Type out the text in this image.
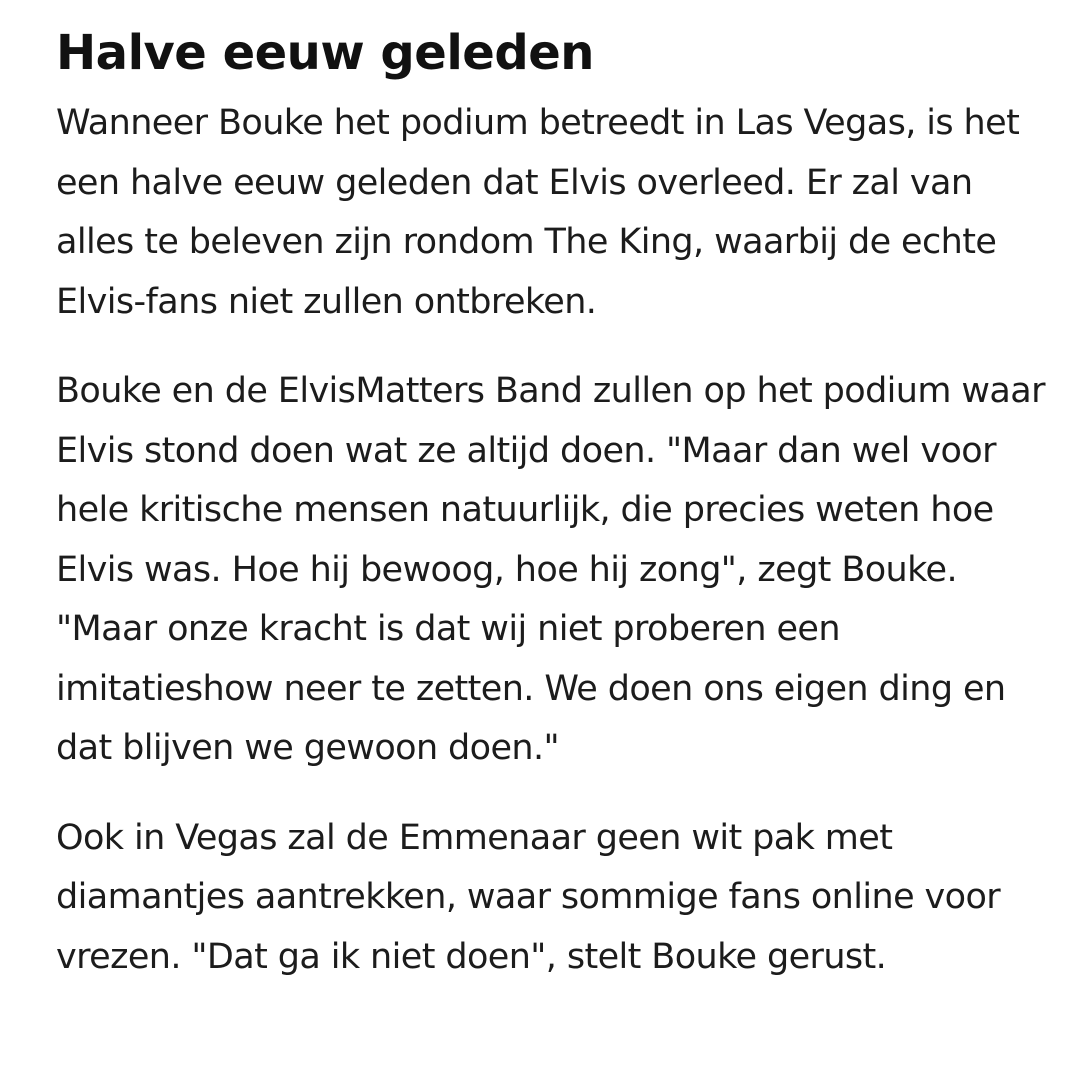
Halve eeuw geleden

Wanneer Bouke het podium betreedt in Las Vegas, is het een halve eeuw geleden dat Elvis overleed. Er zal van alles te beleven zijn rondom The King, waarbij de echte Elvis-fans niet zullen ontbreken.

Bouke en de ElvisMatters Band zullen op het podium waar Elvis stond doen wat ze altijd doen. "Maar dan wel voor hele kritische mensen natuurlijk, die precies weten hoe Elvis was. Hoe hij bewoog, hoe hij zong", zegt Bouke. "Maar onze kracht is dat wij niet proberen een imitatieshow neer te zetten. We doen ons eigen ding en dat blijven we gewoon doen."

Ook in Vegas zal de Emmenaar geen wit pak met diamantjes aantrekken, waar sommige fans online voor vrezen. "Dat ga ik niet doen", stelt Bouke gerust.
